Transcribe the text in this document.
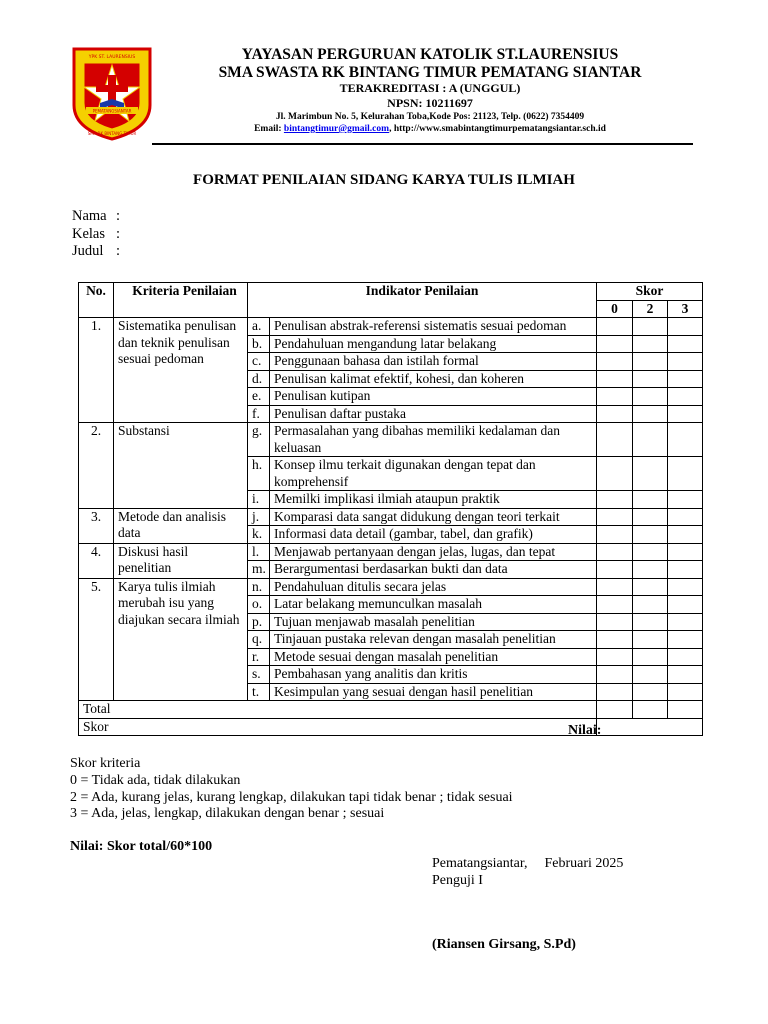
YPK ST. LAURENSIUS
PEMATANGSIANTAR
SMA RK BINTANG TIMUR
YAYASAN PERGURUAN KATOLIK ST.LAURENSIUS
SMA SWASTA RK BINTANG TIMUR PEMATANG SIANTAR
TERAKREDITASI : A (UNGGUL)
NPSN: 10211697
Jl. Marimbun No. 5, Kelurahan Toba,Kode Pos: 21123, Telp. (0622) 7354409
Email: bintangtimur@gmail.com, http://www.smabintangtimurpematangsiantar.sch.id
FORMAT PENILAIAN SIDANG KARYA TULIS ILMIAH
Nama :
Kelas :
Judul :
No.	Kriteria Penilaian	Indikator Penilaian		Skor		
				0	2	3
1.	Sistematika penulisan dan teknik penulisan sesuai pedoman	a.	Penulisan abstrak-referensi sistematis sesuai pedoman			
		b.	Pendahuluan mengandung latar belakang			
		c.	Penggunaan bahasa dan istilah formal			
		d.	Penulisan kalimat efektif, kohesi, dan koheren			
		e.	Penulisan kutipan			
		f.	Penulisan daftar pustaka			
2.	Substansi	g.	Permasalahan yang dibahas memiliki kedalaman dan keluasan			
		h.	Konsep ilmu terkait digunakan dengan tepat dan komprehensif			
		i.	Memilki implikasi ilmiah ataupun praktik			
3.	Metode dan analisis data	j.	Komparasi data sangat didukung dengan teori terkait			
		k.	Informasi data detail (gambar, tabel, dan grafik)			
4.	Diskusi hasil penelitian	l.	Menjawab pertanyaan dengan jelas, lugas, dan tepat			
		m.	Berargumentasi berdasarkan bukti dan data			
5.	Karya tulis ilmiah merubah isu yang diajukan secara ilmiah	n.	Pendahuluan ditulis secara jelas			
		o.	Latar belakang memunculkan masalah			
		p.	Tujuan menjawab masalah penelitian			
		q.	Tinjauan pustaka relevan dengan masalah penelitian			
		r.	Metode sesuai dengan masalah penelitian			
		s.	Pembahasan yang analitis dan kritis			
		t.	Kesimpulan yang sesuai dengan hasil penelitian			
Total						
Skor							Nilai:
Skor kriteria
0 = Tidak ada, tidak dilakukan
2 = Ada, kurang jelas, kurang lengkap, dilakukan tapi tidak benar ; tidak sesuai
3 = Ada, jelas, lengkap, dilakukan dengan benar ; sesuai
Nilai: Skor total/60*100
Pematangsiantar, Februari 2025
Penguji I
(Riansen Girsang, S.Pd)
